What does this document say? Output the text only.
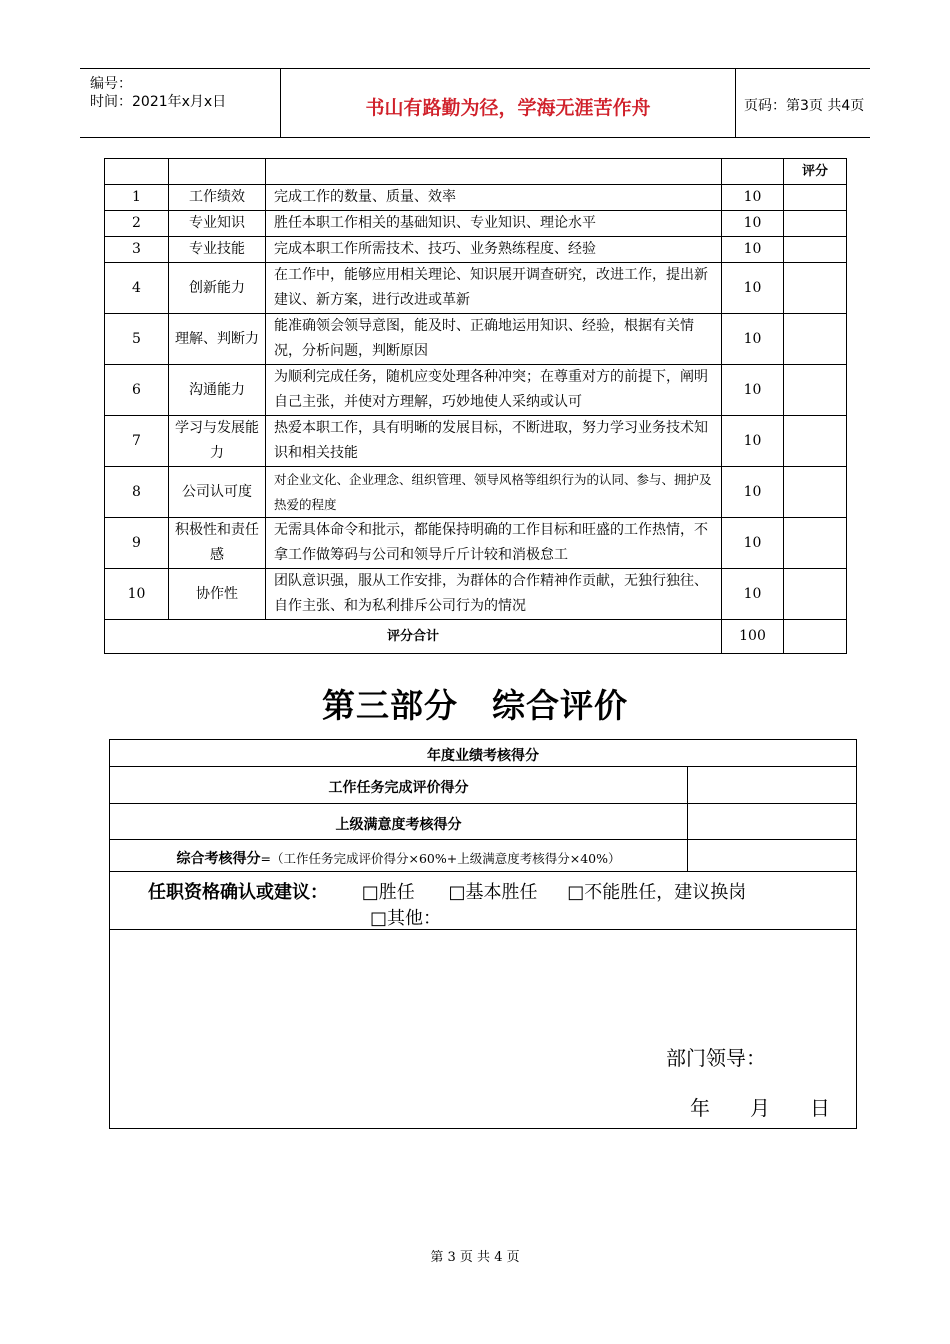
编号：
时间：2021年x月x日	书山有路勤为径，学海无涯苦作舟	页码：第3页 共4页
				评分
1	工作绩效	完成工作的数量、质量、效率	10	
2	专业知识	胜任本职工作相关的基础知识、专业知识、理论水平	10	
3	专业技能	完成本职工作所需技术、技巧、业务熟练程度、经验	10	
4	创新能力	在工作中，能够应用相关理论、知识展开调查研究，改进工作，提出新建议、新方案，进行改进或革新	10	
5	理解、判断力	能准确领会领导意图，能及时、正确地运用知识、经验，根据有关情况，分析问题，判断原因	10	
6	沟通能力	为顺利完成任务，随机应变处理各种冲突；在尊重对方的前提下，阐明自己主张，并使对方理解，巧妙地使人采纳或认可	10	
7	学习与发展能力	热爱本职工作，具有明晰的发展目标，不断进取，努力学习业务技术知识和相关技能	10	
8	公司认可度	对企业文化、企业理念、组织管理、领导风格等组织行为的认同、参与、拥护及热爱的程度	10	
9	积极性和责任感	无需具体命令和批示，都能保持明确的工作目标和旺盛的工作热情，不拿工作做筹码与公司和领导斤斤计较和消极怠工	10	
10	协作性	团队意识强，服从工作安排，为群体的合作精神作贡献，无独行独往、自作主张、和为私利排斥公司行为的情况	10	
评分合计			100	
第三部分　综合评价
年度业绩考核得分
工作任务完成评价得分
上级满意度考核得分
综合考核得分=（工作任务完成评价得分×60%+上级满意度考核得分×40%）
任职资格确认或建议： □胜任 □基本胜任 □不能胜任，建议换岗
□其他：
部门领导：
年　　月　　日
第 3 页 共 4 页
